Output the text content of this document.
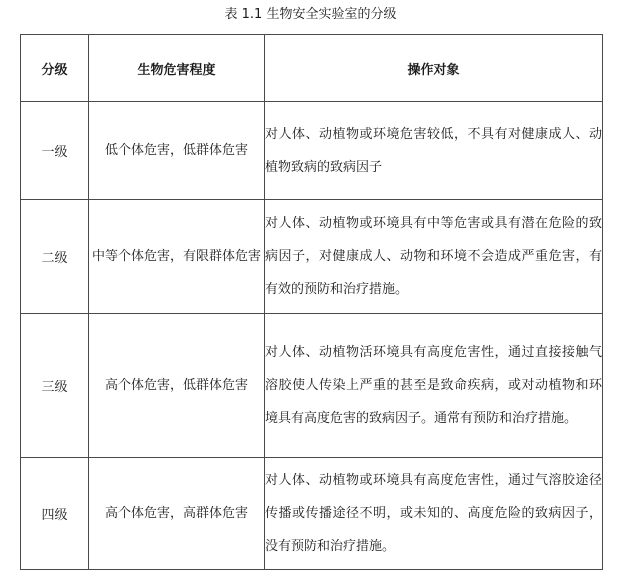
表 1.1 生物安全实验室的分级
分级	生物危害程度	操作对象
一级	低个体危害，低群体危害	对人体、动植物或环境危害较低，不具有对健康成人、动植物致病的致病因子
二级	中等个体危害，有限群体危害	对人体、动植物或环境具有中等危害或具有潜在危险的致病因子，对健康成人、动物和环境不会造成严重危害，有有效的预防和治疗措施。
三级	高个体危害，低群体危害	对人体、动植物活环境具有高度危害性，通过直接接触气溶胶使人传染上严重的甚至是致命疾病，或对动植物和环境具有高度危害的致病因子。通常有预防和治疗措施。
四级	高个体危害，高群体危害	对人体、动植物或环境具有高度危害性，通过气溶胶途径传播或传播途径不明，或未知的、高度危险的致病因子，没有预防和治疗措施。
